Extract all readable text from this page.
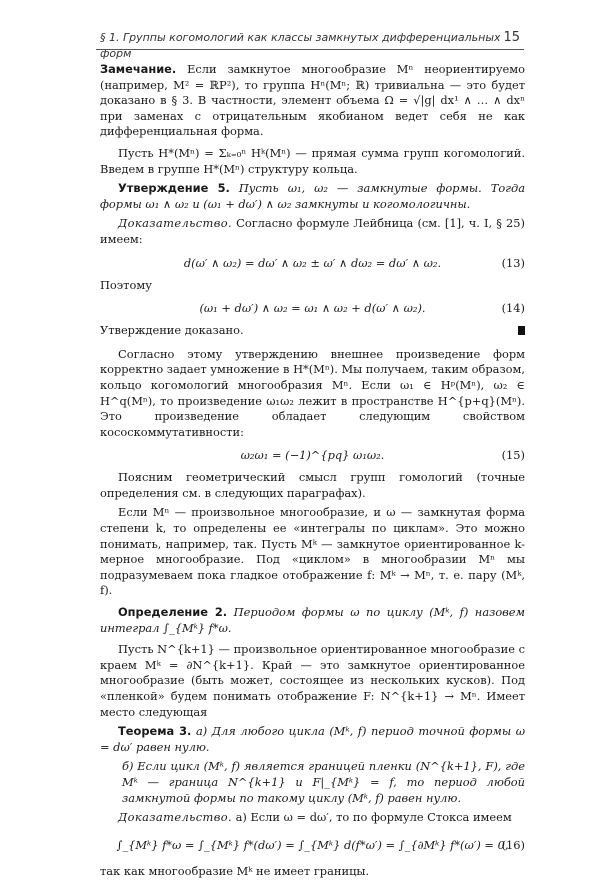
§ 1. Группы когомологий как классы замкнутых дифференциальных форм
15

Замечание. Если замкнутое многообразие Mⁿ неориентируемо (например, M² = ℝP²), то группа Hⁿ(Mⁿ; ℝ) тривиальна — это будет доказано в § 3. В частности, элемент объема Ω = √|g| dx¹ ∧ … ∧ dxⁿ при заменах с отрицательным якобианом ведет себя не как дифференциальная форма.

Пусть H*(Mⁿ) = Σₖ₌₀ⁿ Hᵏ(Mⁿ) — прямая сумма групп когомологий. Введем в группе H*(Mⁿ) структуру кольца.

Утверждение 5. Пусть ω₁, ω₂ — замкнутые формы. Тогда формы ω₁ ∧ ω₂ и (ω₁ + dω′) ∧ ω₂ замкнуты и когомологичны.

Доказательство. Согласно формуле Лейбница (см. [1], ч. I, § 25) имеем:

d(ω′ ∧ ω₂) = dω′ ∧ ω₂ ± ω′ ∧ dω₂ = dω′ ∧ ω₂.	(13)

Поэтому

(ω₁ + dω′) ∧ ω₂ = ω₁ ∧ ω₂ + d(ω′ ∧ ω₂).	(14)

Утверждение доказано.

Согласно этому утверждению внешнее произведение форм корректно задает умножение в H*(Mⁿ). Мы получаем, таким образом, кольцо когомологий многообразия Mⁿ. Если ω₁ ∈ Hᵖ(Mⁿ), ω₂ ∈ H^q(Mⁿ), то произведение ω₁ω₂ лежит в пространстве H^{p+q}(Mⁿ). Это произведение обладает следующим свойством кососкоммутативности:

ω₂ω₁ = (−1)^{pq} ω₁ω₂.	(15)

Поясним геометрический смысл групп гомологий (точные определения см. в следующих параграфах).

Если Mⁿ — произвольное многообразие, и ω — замкнутая форма степени k, то определены ее «интегралы по циклам». Это можно понимать, например, так. Пусть Mᵏ — замкнутое ориентированное k-мерное многообразие. Под «циклом» в многообразии Mⁿ мы подразумеваем пока гладкое отображение f: Mᵏ → Mⁿ, т. е. пару (Mᵏ, f).

Определение 2. Периодом формы ω по циклу (Mᵏ, f) назовем интеграл ∫_{Mᵏ} f*ω.

Пусть N^{k+1} — произвольное ориентированное многообразие с краем Mᵏ = ∂N^{k+1}. Край — это замкнутое ориентированное многообразие (быть может, состоящее из нескольких кусков). Под «пленкой» будем понимать отображение F: N^{k+1} → Mⁿ. Имеет место следующая

Теорема 3. а) Для любого цикла (Mᵏ, f) период точной формы ω = dω′ равен нулю.

б) Если цикл (Mᵏ, f) является границей пленки (N^{k+1}, F), где Mᵏ — граница N^{k+1} и F|_{Mᵏ} = f, то период любой замкнутой формы по такому циклу (Mᵏ, f) равен нулю.

Доказательство. а) Если ω = dω′, то по формуле Стокса имеем

∫_{Mᵏ} f*ω = ∫_{Mᵏ} f*(dω′) = ∫_{Mᵏ} d(f*ω′) = ∫_{∂Mᵏ} f*(ω′) = 0,
(16)

так как многообразие Mᵏ не имеет границы.
